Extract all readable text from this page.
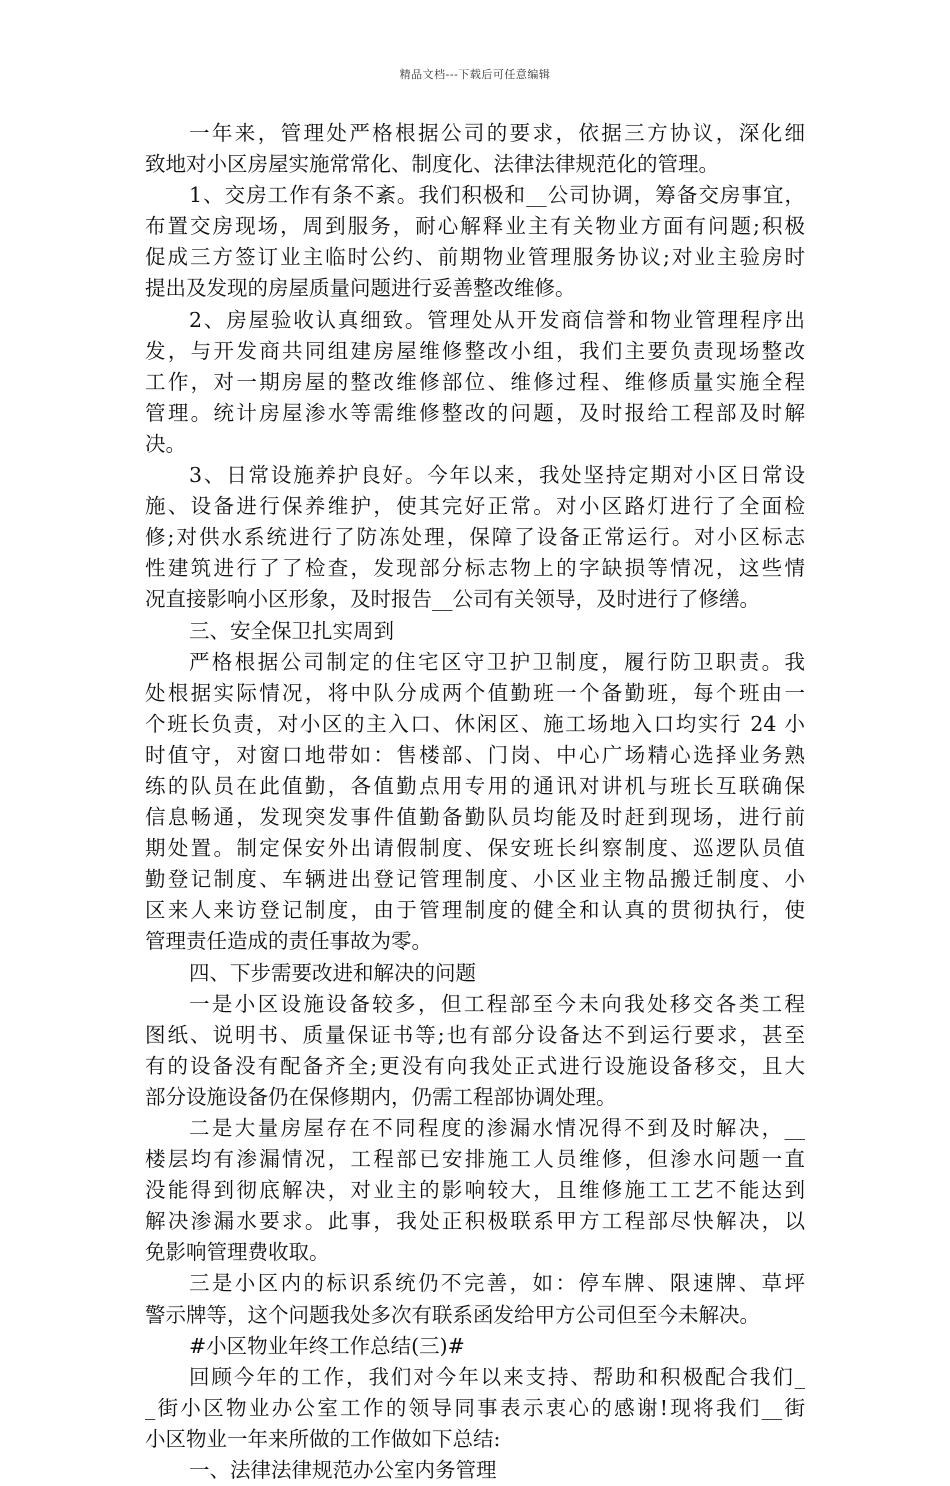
精品文档---下载后可任意编辑
一年来，管理处严格根据公司的要求，依据三方协议，深化细
致地对小区房屋实施常常化、制度化、法律法律规范化的管理。
1、交房工作有条不紊。我们积极和__公司协调，筹备交房事宜，
布置交房现场，周到服务，耐心解释业主有关物业方面有问题;积极
促成三方签订业主临时公约、前期物业管理服务协议;对业主验房时
提出及发现的房屋质量问题进行妥善整改维修。
2、房屋验收认真细致。管理处从开发商信誉和物业管理程序出
发，与开发商共同组建房屋维修整改小组，我们主要负责现场整改
工作，对一期房屋的整改维修部位、维修过程、维修质量实施全程
管理。统计房屋渗水等需维修整改的问题，及时报给工程部及时解
决。
3、日常设施养护良好。今年以来，我处坚持定期对小区日常设
施、设备进行保养维护，使其完好正常。对小区路灯进行了全面检
修;对供水系统进行了防冻处理，保障了设备正常运行。对小区标志
性建筑进行了了检查，发现部分标志物上的字缺损等情况，这些情
况直接影响小区形象，及时报告__公司有关领导，及时进行了修缮。
三、安全保卫扎实周到
严格根据公司制定的住宅区守卫护卫制度，履行防卫职责。我
处根据实际情况，将中队分成两个值勤班一个备勤班，每个班由一
个班长负责，对小区的主入口、休闲区、施工场地入口均实行 24 小
时值守，对窗口地带如：售楼部、门岗、中心广场精心选择业务熟
练的队员在此值勤，各值勤点用专用的通讯对讲机与班长互联确保
信息畅通，发现突发事件值勤备勤队员均能及时赶到现场，进行前
期处置。制定保安外出请假制度、保安班长纠察制度、巡逻队员值
勤登记制度、车辆进出登记管理制度、小区业主物品搬迁制度、小
区来人来访登记制度，由于管理制度的健全和认真的贯彻执行，使
管理责任造成的责任事故为零。
四、下步需要改进和解决的问题
一是小区设施设备较多，但工程部至今未向我处移交各类工程
图纸、说明书、质量保证书等;也有部分设备达不到运行要求，甚至
有的设备没有配备齐全;更没有向我处正式进行设施设备移交，且大
部分设施设备仍在保修期内，仍需工程部协调处理。
二是大量房屋存在不同程度的渗漏水情况得不到及时解决，__
楼层均有渗漏情况，工程部已安排施工人员维修，但渗水问题一直
没能得到彻底解决，对业主的影响较大，且维修施工工艺不能达到
解决渗漏水要求。此事，我处正积极联系甲方工程部尽快解决，以
免影响管理费收取。
三是小区内的标识系统仍不完善，如：停车牌、限速牌、草坪
警示牌等，这个问题我处多次有联系函发给甲方公司但至今未解决。
#小区物业年终工作总结(三)#
回顾今年的工作，我们对今年以来支持、帮助和积极配合我们_
_街小区物业办公室工作的领导同事表示衷心的感谢!现将我们__街
小区物业一年来所做的工作做如下总结:
一、法律法律规范办公室内务管理
